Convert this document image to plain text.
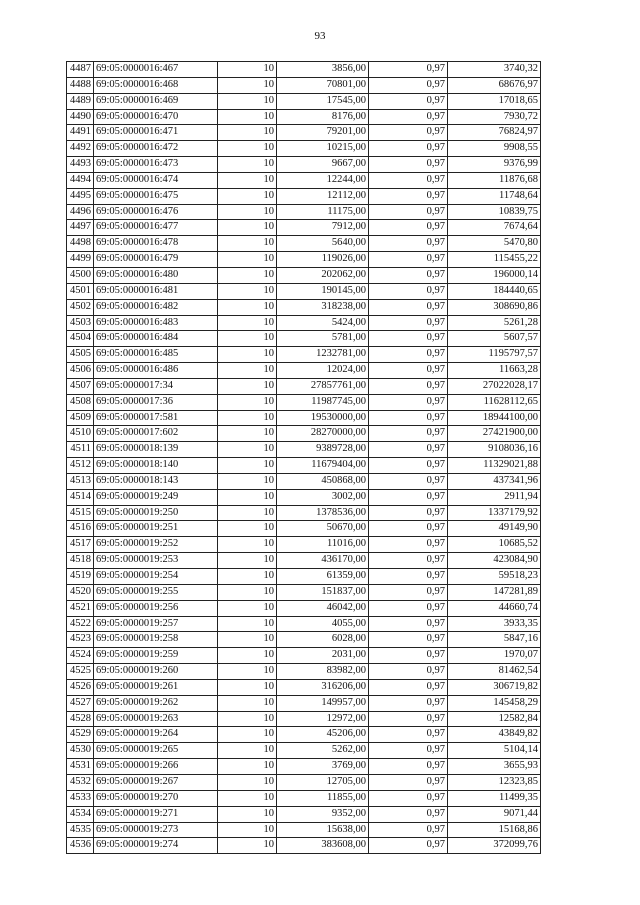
93
4487	69:05:0000016:467	10	3856,00	0,97	3740,32
4488	69:05:0000016:468	10	70801,00	0,97	68676,97
4489	69:05:0000016:469	10	17545,00	0,97	17018,65
4490	69:05:0000016:470	10	8176,00	0,97	7930,72
4491	69:05:0000016:471	10	79201,00	0,97	76824,97
4492	69:05:0000016:472	10	10215,00	0,97	9908,55
4493	69:05:0000016:473	10	9667,00	0,97	9376,99
4494	69:05:0000016:474	10	12244,00	0,97	11876,68
4495	69:05:0000016:475	10	12112,00	0,97	11748,64
4496	69:05:0000016:476	10	11175,00	0,97	10839,75
4497	69:05:0000016:477	10	7912,00	0,97	7674,64
4498	69:05:0000016:478	10	5640,00	0,97	5470,80
4499	69:05:0000016:479	10	119026,00	0,97	115455,22
4500	69:05:0000016:480	10	202062,00	0,97	196000,14
4501	69:05:0000016:481	10	190145,00	0,97	184440,65
4502	69:05:0000016:482	10	318238,00	0,97	308690,86
4503	69:05:0000016:483	10	5424,00	0,97	5261,28
4504	69:05:0000016:484	10	5781,00	0,97	5607,57
4505	69:05:0000016:485	10	1232781,00	0,97	1195797,57
4506	69:05:0000016:486	10	12024,00	0,97	11663,28
4507	69:05:0000017:34	10	27857761,00	0,97	27022028,17
4508	69:05:0000017:36	10	11987745,00	0,97	11628112,65
4509	69:05:0000017:581	10	19530000,00	0,97	18944100,00
4510	69:05:0000017:602	10	28270000,00	0,97	27421900,00
4511	69:05:0000018:139	10	9389728,00	0,97	9108036,16
4512	69:05:0000018:140	10	11679404,00	0,97	11329021,88
4513	69:05:0000018:143	10	450868,00	0,97	437341,96
4514	69:05:0000019:249	10	3002,00	0,97	2911,94
4515	69:05:0000019:250	10	1378536,00	0,97	1337179,92
4516	69:05:0000019:251	10	50670,00	0,97	49149,90
4517	69:05:0000019:252	10	11016,00	0,97	10685,52
4518	69:05:0000019:253	10	436170,00	0,97	423084,90
4519	69:05:0000019:254	10	61359,00	0,97	59518,23
4520	69:05:0000019:255	10	151837,00	0,97	147281,89
4521	69:05:0000019:256	10	46042,00	0,97	44660,74
4522	69:05:0000019:257	10	4055,00	0,97	3933,35
4523	69:05:0000019:258	10	6028,00	0,97	5847,16
4524	69:05:0000019:259	10	2031,00	0,97	1970,07
4525	69:05:0000019:260	10	83982,00	0,97	81462,54
4526	69:05:0000019:261	10	316206,00	0,97	306719,82
4527	69:05:0000019:262	10	149957,00	0,97	145458,29
4528	69:05:0000019:263	10	12972,00	0,97	12582,84
4529	69:05:0000019:264	10	45206,00	0,97	43849,82
4530	69:05:0000019:265	10	5262,00	0,97	5104,14
4531	69:05:0000019:266	10	3769,00	0,97	3655,93
4532	69:05:0000019:267	10	12705,00	0,97	12323,85
4533	69:05:0000019:270	10	11855,00	0,97	11499,35
4534	69:05:0000019:271	10	9352,00	0,97	9071,44
4535	69:05:0000019:273	10	15638,00	0,97	15168,86
4536	69:05:0000019:274	10	383608,00	0,97	372099,76
